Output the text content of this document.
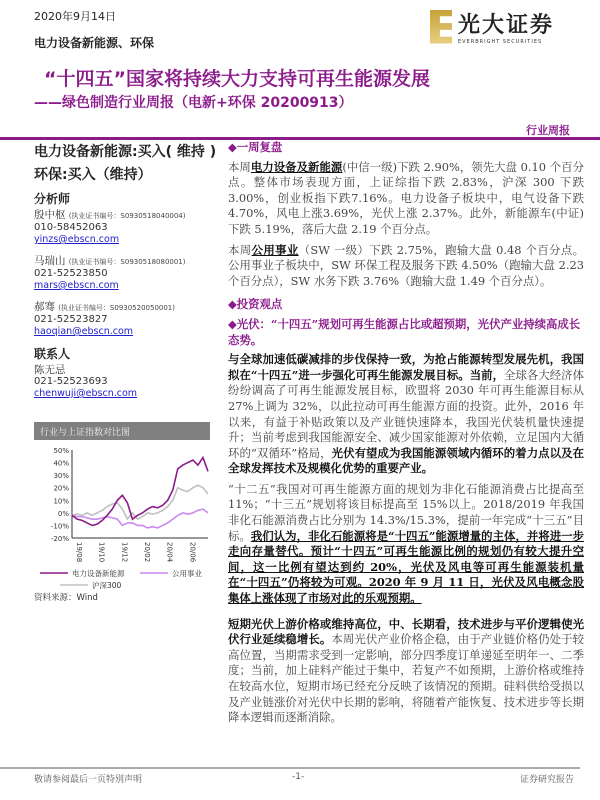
2020年9月14日
电力设备新能源、环保
光大证券
EVERBRIGHT SECURITIES
“十四五”国家将持续大力支持可再生能源发展
——绿色制造行业周报（电新+环保 20200913）
行业周报
电力设备新能源:买入( 维持 )
环保:买入（维持）
分析师
殷中枢 (执业证书编号：S0930518040004)
010-58452063
yinzs@ebscn.com
马瑞山 (执业证书编号：S0930518080001)
021-52523850
mars@ebscn.com
郝骞 (执业证书编号：S0930520050001)
021-52523827
haoqian@ebscn.com
联系人
陈无忌
021-52523693
chenwuji@ebscn.com
行业与上证指数对比图
50%
40%
30%
20%
10%
0%
-10%
-20%
19/08 19/10 19/12 20/02 20/04 20/06
电力设备新能源	公用事业
沪深300
资料来源：Wind
◆一周复盘

本周电力设备及新能源(中信一级)下跌 2.90%，领先大盘 0.10 个百分点。整体市场表现方面，上证综指下跌 2.83%，沪深 300 下跌 3.00%，创业板指下跌7.16%。电力设备子板块中，电气设备下跌4.70%，风电上涨3.69%，光伏上涨 2.37%。此外，新能源车(中证)下跌 5.19%，落后大盘 2.19 个百分点。

本周公用事业（SW 一级）下跌 2.75%，跑输大盘 0.48 个百分点。公用事业子板块中，SW 环保工程及服务下跌 4.50%（跑输大盘 2.23 个百分点），SW 水务下跌 3.76%（跑输大盘 1.49 个百分点）。

◆投资观点
◆光伏：“十四五”规划可再生能源占比或超预期，光伏产业持续高成长态势。

与全球加速低碳减排的步伐保持一致，为抢占能源转型发展先机，我国拟在“十四五”进一步强化可再生能源发展目标。当前，全球各大经济体纷纷调高了可再生能源发展目标，欧盟将 2030 年可再生能源目标从 27%上调为 32%，以此拉动可再生能源方面的投资。此外，2016 年以来，有益于补贴政策以及产业链快速降本，我国光伏装机量快速提升；当前考虑到我国能源安全、减少国家能源对外依赖，立足国内大循环的“双循环”格局，光伏有望成为我国能源领域内循环的着力点以及在全球发挥技术及规模化优势的重要产业。

“十二五”我国对可再生能源方面的规划为非化石能源消费占比提高至 11%；“十三五”规划将该目标提高至 15%以上。2018/2019 年我国非化石能源消费占比分别为 14.3%/15.3%，提前一年完成“十三五”目标。我们认为，非化石能源将是“十四五”能源增量的主体，并将进一步走向存量替代。预计“十四五”可再生能源比例的规划仍有较大提升空间，这一比例有望达到约 20%，光伏及风电等可再生能源装机量在“十四五”仍将较为可观。2020 年 9 月 11 日，光伏及风电概念股集体上涨体现了市场对此的乐观预期。

短期光伏上游价格或维持高位，中、长期看，技术进步与平价逻辑使光伏行业延续稳增长。本周光伏产业价格企稳，由于产业链价格仍处于较高位置，当期需求受到一定影响，部分四季度订单递延至明年一、二季度；当前，加上硅料产能过于集中，若复产不如预期，上游价格或维持在较高水位，短期市场已经充分反映了该情况的预期。硅料供给受损以及产业链涨价对光伏中长期的影响，将随着产能恢复、技术进步等长期降本逻辑而逐渐消除。

敬请参阅最后一页特别声明	-1-	证券研究报告
